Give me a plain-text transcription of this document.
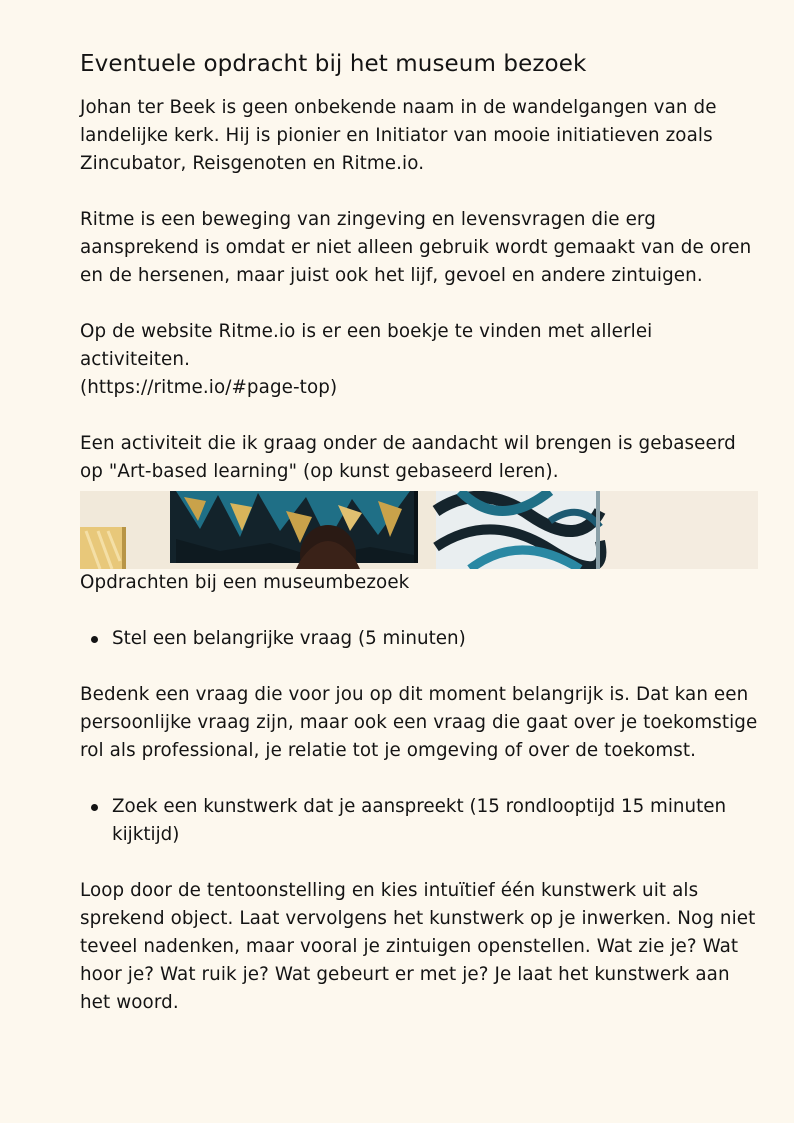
Eventuele opdracht bij het museum bezoek

Johan ter Beek is geen onbekende naam in de wandelgangen van de landelijke kerk. Hij is pionier en Initiator van mooie initiatieven zoals Zincubator, Reisgenoten en Ritme.io.

Ritme is een beweging van zingeving en levensvragen die erg aansprekend is omdat er niet alleen gebruik wordt gemaakt van de oren en de hersenen, maar juist ook het lijf, gevoel en andere zintuigen.

Op de website Ritme.io is er een boekje te vinden met allerlei activiteiten.

(https://ritme.io/#page-top)

Een activiteit die ik graag onder de aandacht wil brengen is gebaseerd op "Art-based learning" (op kunst gebaseerd leren).

Opdrachten bij een museumbezoek

Stel een belangrijke vraag (5 minuten)

Bedenk een vraag die voor jou op dit moment belangrijk is. Dat kan een persoonlijke vraag zijn, maar ook een vraag die gaat over je toekomstige rol als professional, je relatie tot je omgeving of over de toekomst.

Zoek een kunstwerk dat je aanspreekt (15 rondlooptijd 15 minuten kijktijd)

Loop door de tentoonstelling en kies intuïtief één kunstwerk uit als sprekend object. Laat vervolgens het kunstwerk op je inwerken. Nog niet teveel nadenken, maar vooral je zintuigen openstellen. Wat zie je? Wat hoor je? Wat ruik je? Wat gebeurt er met je? Je laat het kunstwerk aan het woord.
